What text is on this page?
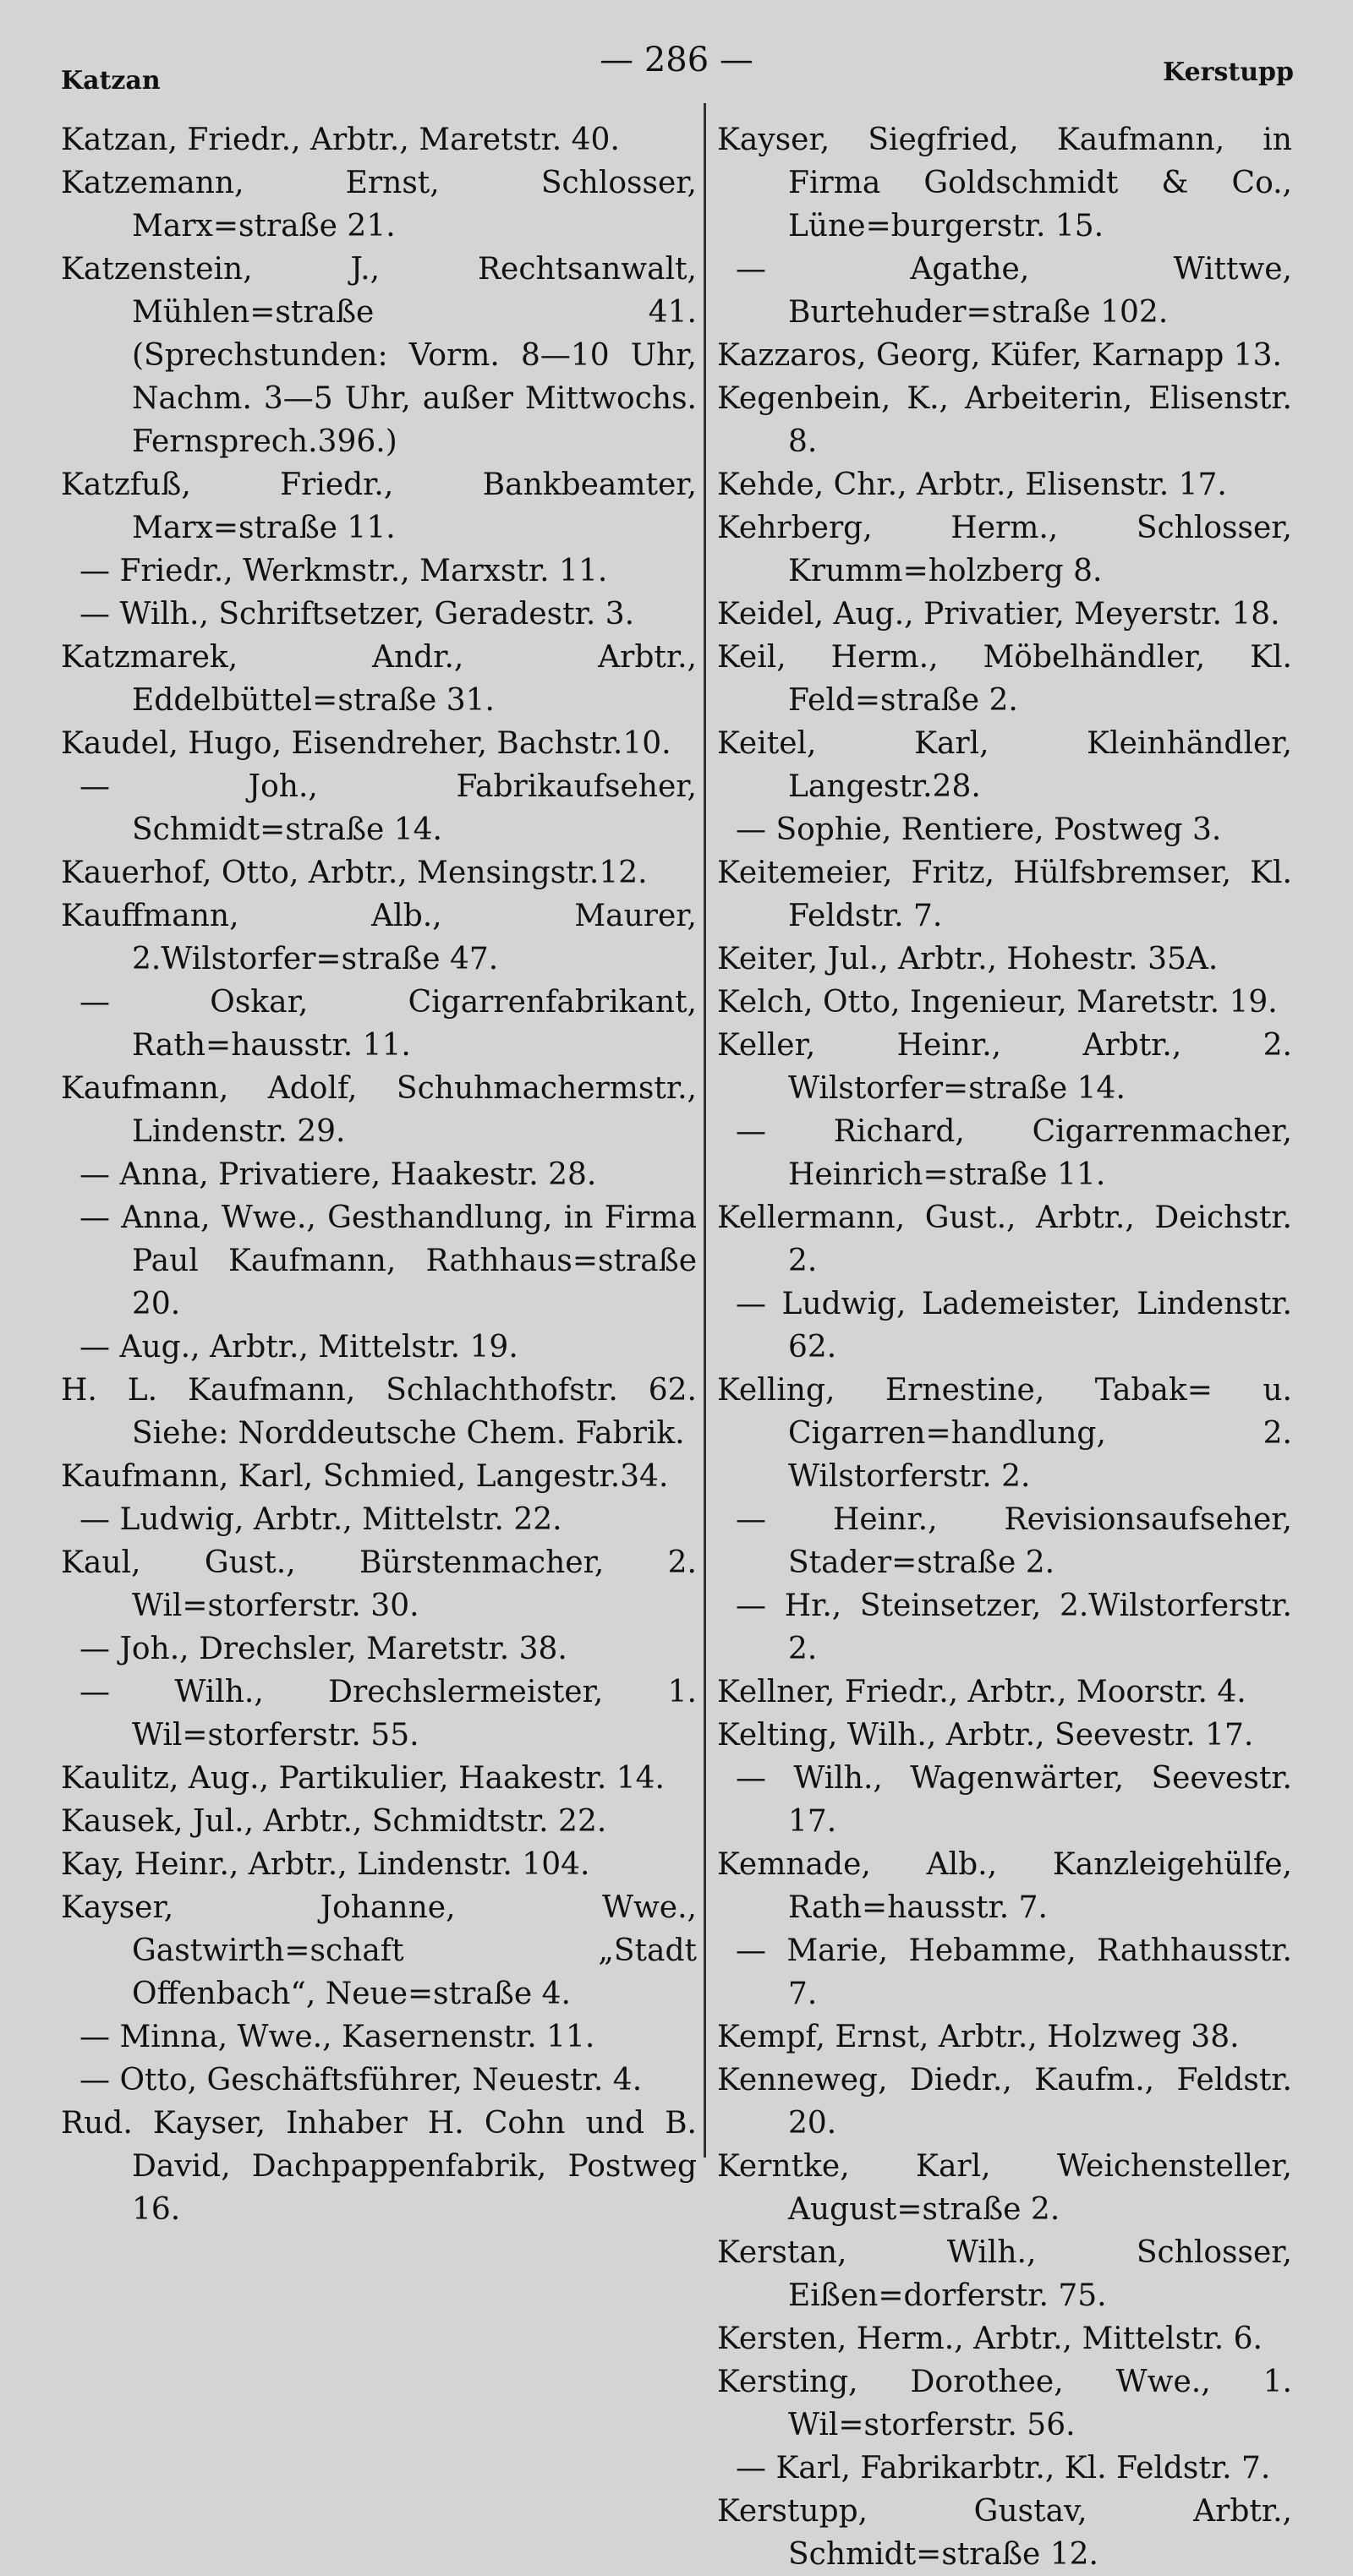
Katzan
— 286 —	Kerstupp

Katzan, Friedr., Arbtr., Maretstr. 40.

Katzemann, Ernst, Schlosser, Marx=straße 21.

Katzenstein, J., Rechtsanwalt, Mühlen=straße 41. (Sprechstunden: Vorm. 8—10 Uhr, Nachm. 3—5 Uhr, außer Mittwochs. Fernsprech.396.)

Katzfuß, Friedr., Bankbeamter, Marx=straße 11.

— Friedr., Werkmstr., Marxstr. 11.

— Wilh., Schriftsetzer, Geradestr. 3.

Katzmarek, Andr., Arbtr., Eddelbüttel=straße 31.

Kaudel, Hugo, Eisendreher, Bachstr.10.

— Joh., Fabrikaufseher, Schmidt=straße 14.

Kauerhof, Otto, Arbtr., Mensingstr.12.

Kauffmann, Alb., Maurer, 2.Wilstorfer=straße 47.

— Oskar, Cigarrenfabrikant, Rath=hausstr. 11.

Kaufmann, Adolf, Schuhmachermstr., Lindenstr. 29.

— Anna, Privatiere, Haakestr. 28.

— Anna, Wwe., Gesthandlung, in Firma Paul Kaufmann, Rathhaus=straße 20.

— Aug., Arbtr., Mittelstr. 19.

H. L. Kaufmann, Schlachthofstr. 62. Siehe: Norddeutsche Chem. Fabrik.

Kaufmann, Karl, Schmied, Langestr.34.

— Ludwig, Arbtr., Mittelstr. 22.

Kaul, Gust., Bürstenmacher, 2. Wil=storferstr. 30.

— Joh., Drechsler, Maretstr. 38.

— Wilh., Drechslermeister, 1. Wil=storferstr. 55.

Kaulitz, Aug., Partikulier, Haakestr. 14.

Kausek, Jul., Arbtr., Schmidtstr. 22.

Kay, Heinr., Arbtr., Lindenstr. 104.

Kayser, Johanne, Wwe., Gastwirth=schaft „Stadt Offenbach“, Neue=straße 4.

— Minna, Wwe., Kasernenstr. 11.

— Otto, Geschäftsführer, Neuestr. 4.

Rud. Kayser, Inhaber H. Cohn und B. David, Dachpappenfabrik, Postweg 16.

Kayser, Siegfried, Kaufmann, in Firma Goldschmidt & Co., Lüne=burgerstr. 15.

— Agathe, Wittwe, Burtehuder=straße 102.

Kazzaros, Georg, Küfer, Karnapp 13.

Kegenbein, K., Arbeiterin, Elisenstr. 8.

Kehde, Chr., Arbtr., Elisenstr. 17.

Kehrberg, Herm., Schlosser, Krumm=holzberg 8.

Keidel, Aug., Privatier, Meyerstr. 18.

Keil, Herm., Möbelhändler, Kl. Feld=straße 2.

Keitel, Karl, Kleinhändler, Langestr.28.

— Sophie, Rentiere, Postweg 3.

Keitemeier, Fritz, Hülfsbremser, Kl. Feldstr. 7.

Keiter, Jul., Arbtr., Hohestr. 35A.

Kelch, Otto, Ingenieur, Maretstr. 19.

Keller, Heinr., Arbtr., 2. Wilstorfer=straße 14.

— Richard, Cigarrenmacher, Heinrich=straße 11.

Kellermann, Gust., Arbtr., Deichstr. 2.

— Ludwig, Lademeister, Lindenstr. 62.

Kelling, Ernestine, Tabak= u. Cigarren=handlung, 2. Wilstorferstr. 2.

— Heinr., Revisionsaufseher, Stader=straße 2.

— Hr., Steinsetzer, 2.Wilstorferstr. 2.

Kellner, Friedr., Arbtr., Moorstr. 4.

Kelting, Wilh., Arbtr., Seevestr. 17.

— Wilh., Wagenwärter, Seevestr. 17.

Kemnade, Alb., Kanzleigehülfe, Rath=hausstr. 7.

— Marie, Hebamme, Rathhausstr. 7.

Kempf, Ernst, Arbtr., Holzweg 38.

Kenneweg, Diedr., Kaufm., Feldstr. 20.

Kerntke, Karl, Weichensteller, August=straße 2.

Kerstan, Wilh., Schlosser, Eißen=dorferstr. 75.

Kersten, Herm., Arbtr., Mittelstr. 6.

Kersting, Dorothee, Wwe., 1. Wil=storferstr. 56.

— Karl, Fabrikarbtr., Kl. Feldstr. 7.

Kerstupp, Gustav, Arbtr., Schmidt=straße 12.
